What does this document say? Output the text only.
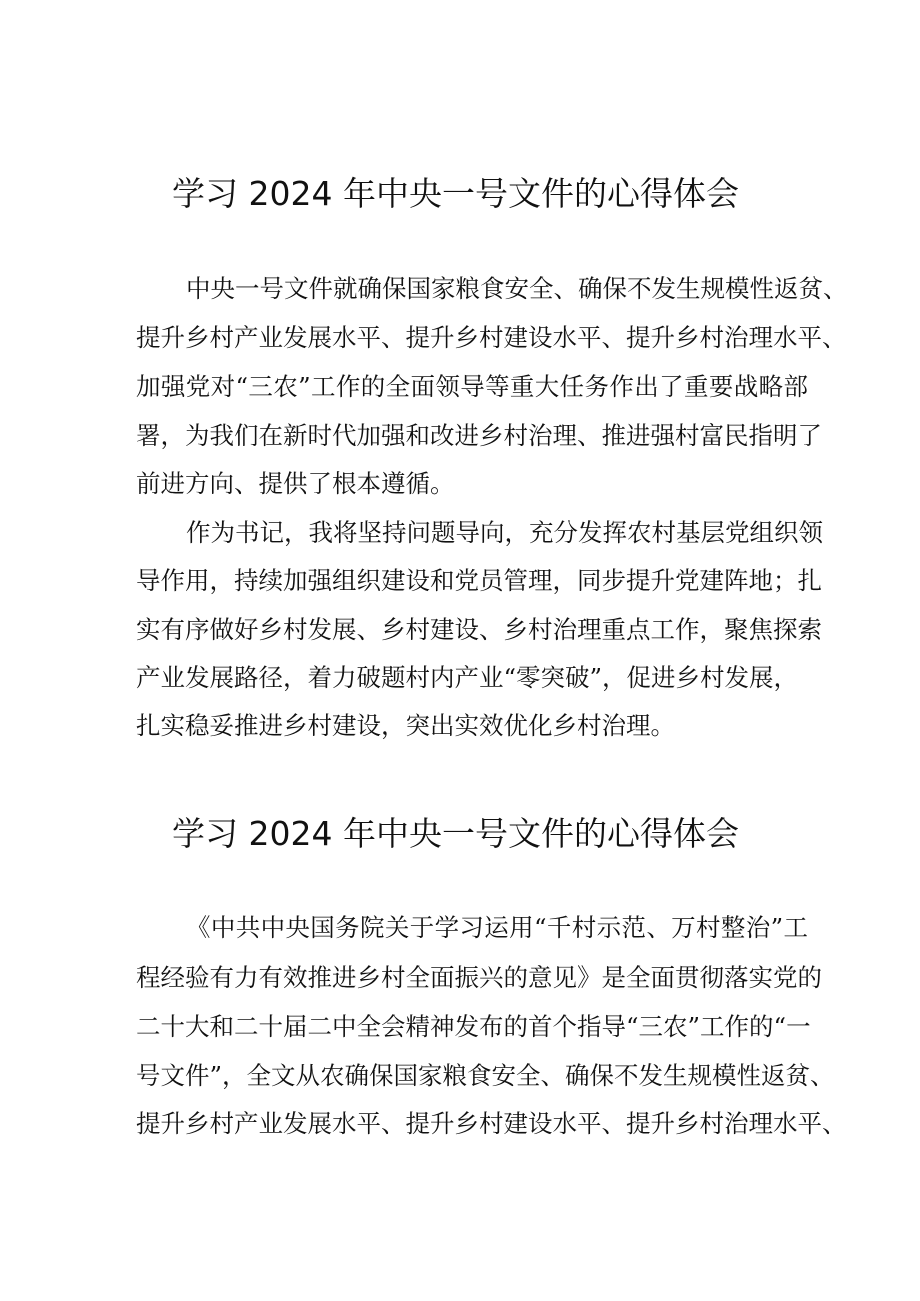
学习 2024 年中央一号文件的心得体会
中央一号文件就确保国家粮食安全、确保不发生规模性返贫、
提升乡村产业发展水平、提升乡村建设水平、提升乡村治理水平、
加强党对“三农”工作的全面领导等重大任务作出了重要战略部
署，为我们在新时代加强和改进乡村治理、推进强村富民指明了
前进方向、提供了根本遵循。
作为书记，我将坚持问题导向，充分发挥农村基层党组织领
导作用，持续加强组织建设和党员管理，同步提升党建阵地；扎
实有序做好乡村发展、乡村建设、乡村治理重点工作，聚焦探索
产业发展路径，着力破题村内产业“零突破”，促进乡村发展，
扎实稳妥推进乡村建设，突出实效优化乡村治理。
学习 2024 年中央一号文件的心得体会
《中共中央国务院关于学习运用“千村示范、万村整治”工
程经验有力有效推进乡村全面振兴的意见》是全面贯彻落实党的
二十大和二十届二中全会精神发布的首个指导“三农”工作的“一
号文件”，全文从农确保国家粮食安全、确保不发生规模性返贫、
提升乡村产业发展水平、提升乡村建设水平、提升乡村治理水平、
